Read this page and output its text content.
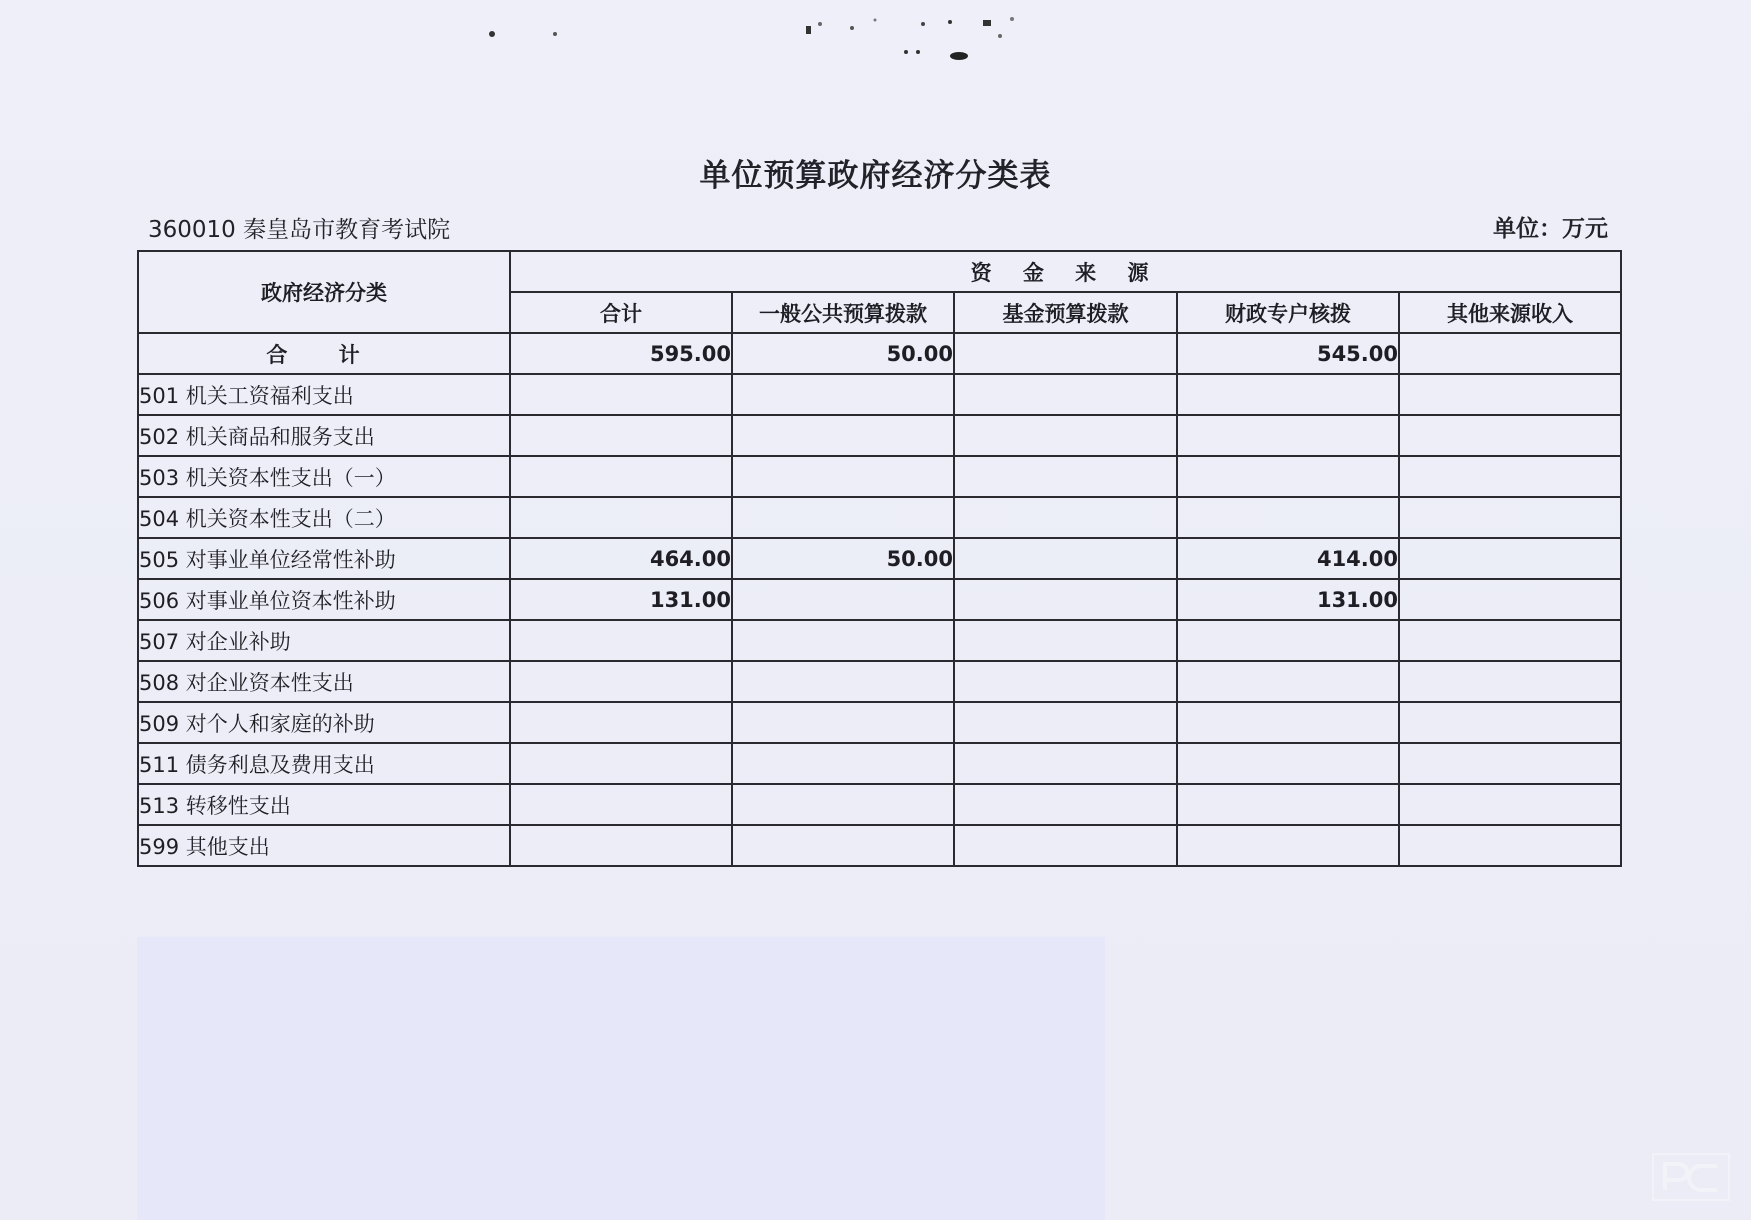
单位预算政府经济分类表
360010 秦皇岛市教育考试院	单位：万元
政府经济分类	资 金 来 源				
	合计	一般公共预算拨款	基金预算拨款	财政专户核拨	其他来源收入
合 计	595.00	50.00		545.00	
501 机关工资福利支出					
502 机关商品和服务支出					
503 机关资本性支出（一）					
504 机关资本性支出（二）					
505 对事业单位经常性补助	464.00	50.00		414.00	
506 对事业单位资本性补助	131.00			131.00	
507 对企业补助					
508 对企业资本性支出					
509 对个人和家庭的补助					
511 债务利息及费用支出					
513 转移性支出					
599 其他支出					
